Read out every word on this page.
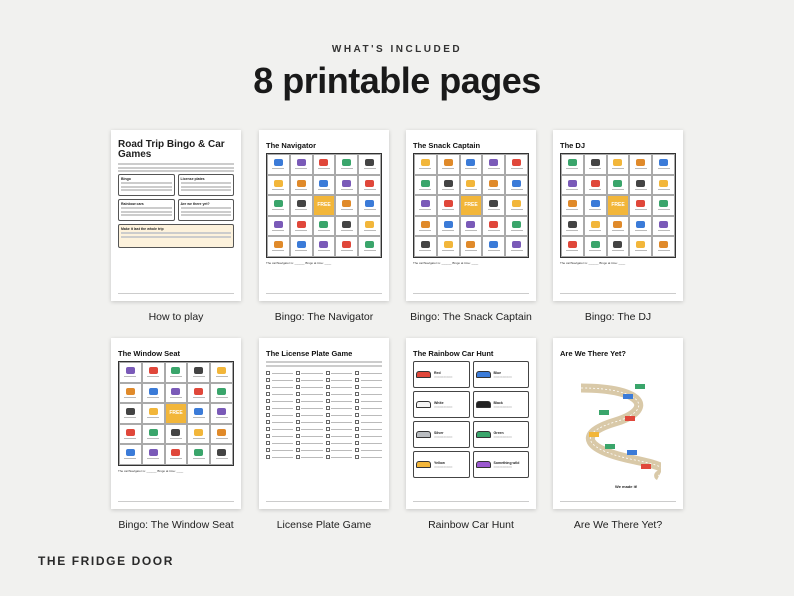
WHAT'S INCLUDED
8 printable pages
Road Trip Bingo & Car Games
Bingo	License plates
Rainbow cars	Are we there yet?
Make it last the whole trip
How to play
The Navigator
FREE
The car/Navigator is: ______ Bingo at time: ____
Bingo: The Navigator
The Snack Captain
FREE
The car/Navigator is: ______ Bingo at time: ____
Bingo: The Snack Captain
The DJ
FREE
The car/Navigator is: ______ Bingo at time: ____
Bingo: The DJ
The Window Seat
FREE
The car/Navigator is: ______ Bingo at time: ____
Bingo: The Window Seat
The License Plate Game
License Plate Game
The Rainbow Car Hunt
Red
○○○○○○○○○○
Blue
○○○○○○○○○○
White
○○○○○○○○○○
Black
○○○○○○○○○○
Silver
○○○○○○○○○○
Green
○○○○○○○○○○
Yellow
○○○○○○○○○○
Something wild
○○○○○○○○○○
Rainbow Car Hunt
Are We There Yet?
We made it!
Are We There Yet?
THE FRIDGE DOOR
